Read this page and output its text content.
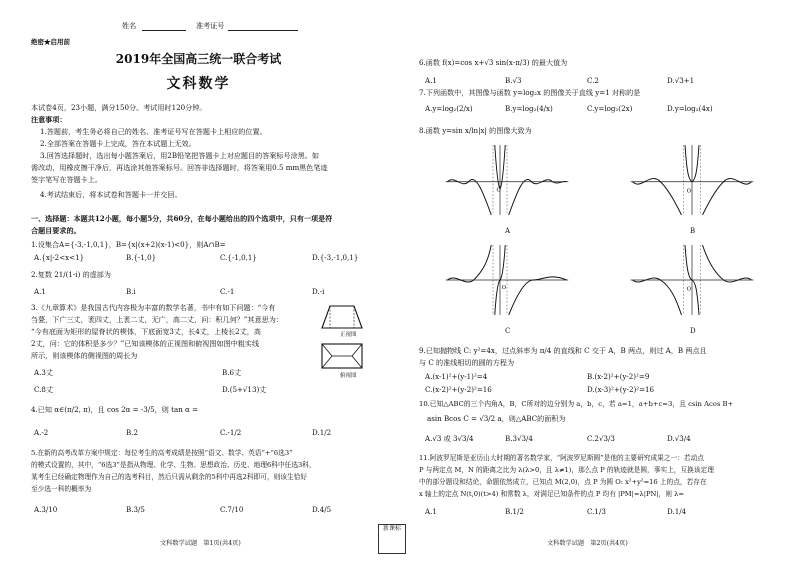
姓名	准考证号
绝密★启用前
2019年全国高三统一联合考试
文科数学
本试卷4页，23小题，满分150分。考试用时120分钟。
注意事项：
1.答题前，考生务必将自己的姓名、准考证号写在答题卡上相应的位置。
2.全部答案在答题卡上完成，答在本试题上无效。
3.回答选择题时，选出每小题答案后，用2B铅笔把答题卡上对应题目的答案标号涂黑。如
需改动，用橡皮擦干净后，再选涂其他答案标号。回答非选择题时，将答案用0.5 mm黑色笔迹
签字笔写在答题卡上。
4.考试结束后，将本试卷和答题卡一并交回。
一、选择题：本题共12小题，每小题5分，共60分，在每小题给出的四个选项中，只有一项是符
合题目要求的。
1.设集合A={-3,-1,0,1}，B={x|(x+2)(x-1)<0}，则A∩B=
A.{x|-2<x<1}	B.{-1,0}	C.{-1,0,1}	D.{-3,-1,0,1}
2.复数 21/(1-i) 的虚部为
A.1	B.i	C.-1	D.-i
3.《九章算术》是我国古代内容极为丰富的数学名著，书中有如下问题：“今有
刍甍，下广三丈，袤四丈，上袤二丈，无广，高二丈，问：积几何？”其意思为：
“今有底面为矩形的屋脊状的楔体，下底面宽3丈，长4丈，上棱长2丈，高
2丈，问：它的体积是多少？”已知该楔体的正视图和俯视图如图中粗实线
所示，则该楔体的侧视图的周长为
正视图
俯视图
A.3丈	B.6丈
C.8丈	D.(5+√13)丈
4.已知 α∈(π/2, π)，且 cos 2α = -3/5，则 tan α =
A.-2	B.2	C.-1/2	D.1/2
5.在新的高考改革方案中规定：每位考生的高考成绩是按照“语文、数学、英语”+“6选3”
的模式设置的，其中，“6选3”是指从物理、化学、生物、思想政治、历史、地理6科中任选3科，
某考生已经确定物理作为自己的选考科目，然后只需从剩余的5科中再选2科即可，则该生恰好
至少选一科的概率为
A.3/10	B.3/5	C.7/10	D.4/5
文科数学试题　第1页(共4页)
6.函数 f(x)=cos x+√3 sin(x-π/3) 的最大值为
A.1	B.√3	C.2	D.√3+1
7.下列函数中，其图像与函数 y=log₂x 的图像关于直线 y=1 对称的是
A.y=log₂(2/x)	B.y=log₂(4/x)	C.y=log₂(2x)	D.y=log₂(4x)
8.函数 y=sin x/ln|x| 的图像大致为
O
A
O
B
O
C
O
D
9.已知抛物线 C: y²=4x，过点斜率为 π/4 的直线和 C 交于 A，B 两点，则过 A，B 两点且
与 C 的准线相切的圆的方程为
A.(x-1)²+(y-1)²=4	B.(x-2)²+(y-2)²=9
C.(x-2)²+(y-2)²=16	D.(x-3)²+(y-2)²=16
10.已知△ABC的三个内角A，B，C所对的边分别为 a，b，c，若 a=1，a+b+c=3，且 csin Acos B+
asin Bcos C = √3/2 a，则△ABC的面积为
A.√3 或 3√3/4	B.3√3/4	C.2√3/3	D.√3/4
11.阿波罗尼斯是亚历山大时期的著名数学家，“阿波罗尼斯圆”是他的主要研究成果之一：若动点
P 与两定点 M，N 的距离之比为 λ(λ>0，且 λ≠1)，那么点 P 的轨迹就是圆，事实上，互换该定理
中的部分题设和结论，命题依然成立，已知点 M(2,0)，点 P 为圆 O: x²+y²=16 上的点，若存在
x 轴上的定点 N(t,0)(t>4) 和常数 λ，对满足已知条件的点 P 均有 |PM|=λ|PN|，则 λ=
A.1	B.1/2	C.1/3	D.1/4
文科数学试题　第2页(共4页)
新课标
